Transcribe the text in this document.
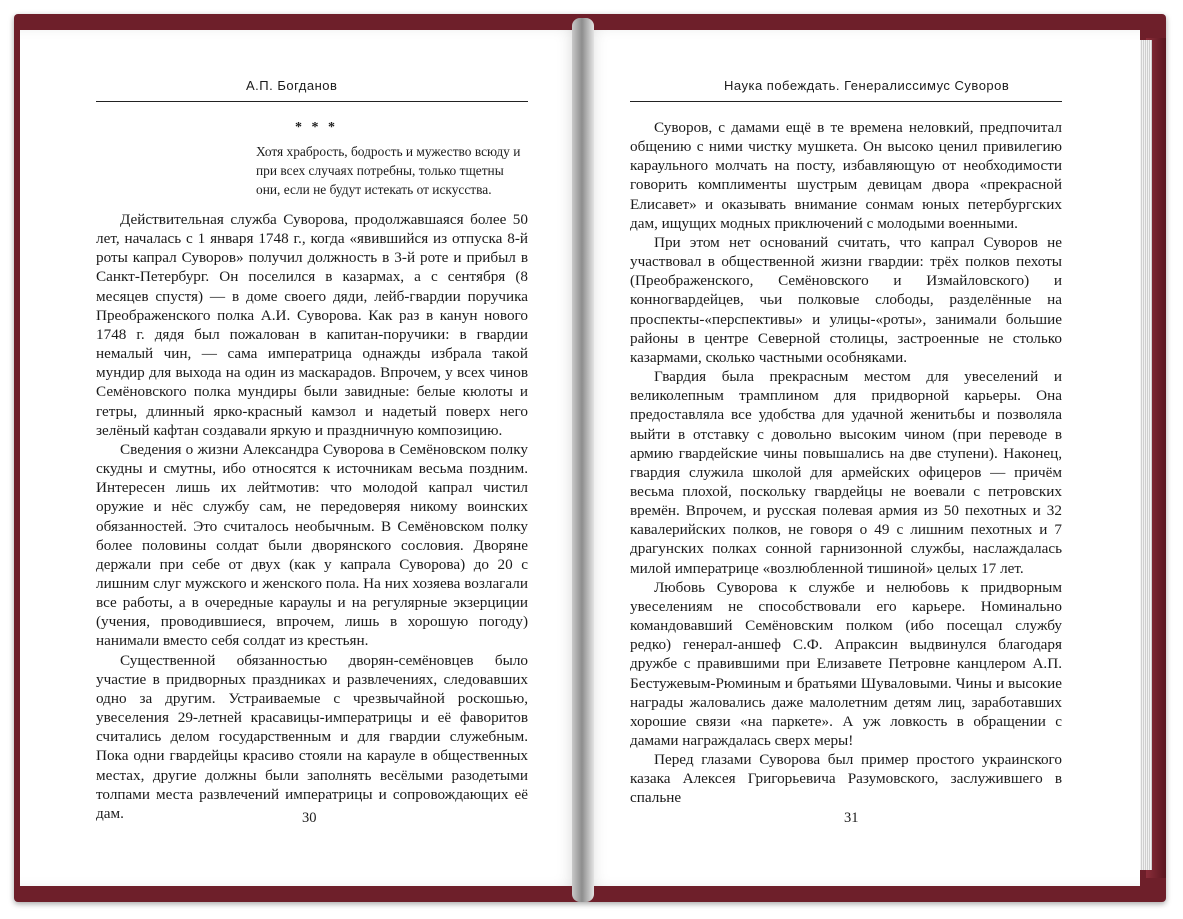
А.П. Богданов
* * *

Хотя храбрость, бодрость и мужество всюду и при всех случаях потребны, только тщетны они, если не будут истекать от искусства.

Действительная служба Суворова, продолжавшаяся более 50 лет, началась с 1 января 1748 г., когда «явившийся из отпуска 8-й роты капрал Суворов» получил должность в 3-й роте и прибыл в Санкт-Петербург. Он поселился в казармах, а с сентября (8 месяцев спустя) — в доме своего дяди, лейб-гвардии поручика Преображенского полка А.И. Суворова. Как раз в канун нового 1748 г. дядя был пожалован в капитан-поручики: в гвардии немалый чин, — сама императрица однажды избрала такой мундир для выхода на один из маскарадов. Впрочем, у всех чинов Семёновского полка мундиры были завидные: белые кюлоты и гетры, длинный ярко-красный камзол и надетый поверх него зелёный кафтан создавали яркую и праздничную композицию.

Сведения о жизни Александра Суворова в Семёновском полку скудны и смутны, ибо относятся к источникам весьма поздним. Интересен лишь их лейтмотив: что молодой капрал чистил оружие и нёс службу сам, не передоверяя никому воинских обязанностей. Это считалось необычным. В Семёновском полку более половины солдат были дворянского сословия. Дворяне держали при себе от двух (как у капрала Суворова) до 20 с лишним слуг мужского и женского пола. На них хозяева возлагали все работы, а в очередные караулы и на регулярные экзерциции (учения, проводившиеся, впрочем, лишь в хорошую погоду) нанимали вместо себя солдат из крестьян.

Существенной обязанностью дворян-семёновцев было участие в придворных праздниках и развлечениях, следовавших одно за другим. Устраиваемые с чрезвычайной роскошью, увеселения 29-летней красавицы-императрицы и её фаворитов считались делом государственным и для гвардии служебным. Пока одни гвардейцы красиво стояли на карауле в общественных местах, другие должны были заполнять весёлыми разодетыми толпами места развлечений императрицы и сопровождающих её дам.	30
Наука побеждать. Генералиссимус Суворов

Суворов, с дамами ещё в те времена неловкий, предпочитал общению с ними чистку мушкета. Он высоко ценил привилегию караульного молчать на посту, избавляющую от необходимости говорить комплименты шустрым девицам двора «прекрасной Елисавет» и оказывать внимание сонмам юных петербургских дам, ищущих модных приключений с молодыми военными.

При этом нет оснований считать, что капрал Суворов не участвовал в общественной жизни гвардии: трёх полков пехоты (Преображенского, Семёновского и Измайловского) и конногвардейцев, чьи полковые слободы, разделённые на проспекты-«перспективы» и улицы-«роты», занимали большие районы в центре Северной столицы, застроенные не столько казармами, сколько частными особняками.

Гвардия была прекрасным местом для увеселений и великолепным трамплином для придворной карьеры. Она предоставляла все удобства для удачной женитьбы и позволяла выйти в отставку с довольно высоким чином (при переводе в армию гвардейские чины повышались на две ступени). Наконец, гвардия служила школой для армейских офицеров — причём весьма плохой, поскольку гвардейцы не воевали с петровских времён. Впрочем, и русская полевая армия из 50 пехотных и 32 кавалерийских полков, не говоря о 49 с лишним пехотных и 7 драгунских полках сонной гарнизонной службы, наслаждалась милой императрице «возлюбленной тишиной» целых 17 лет.

Любовь Суворова к службе и нелюбовь к придворным увеселениям не способствовали его карьере. Номинально командовавший Семёновским полком (ибо посещал службу редко) генерал-аншеф С.Ф. Апраксин выдвинулся благодаря дружбе с правившими при Елизавете Петровне канцлером А.П. Бестужевым-Рюминым и братьями Шуваловыми. Чины и высокие награды жаловались даже малолетним детям лиц, заработавших хорошие связи «на паркете». А уж ловкость в обращении с дамами награждалась сверх меры!

Перед глазами Суворова был пример простого украинского казака Алексея Григорьевича Разумовского, заслужившего в спальне

31
